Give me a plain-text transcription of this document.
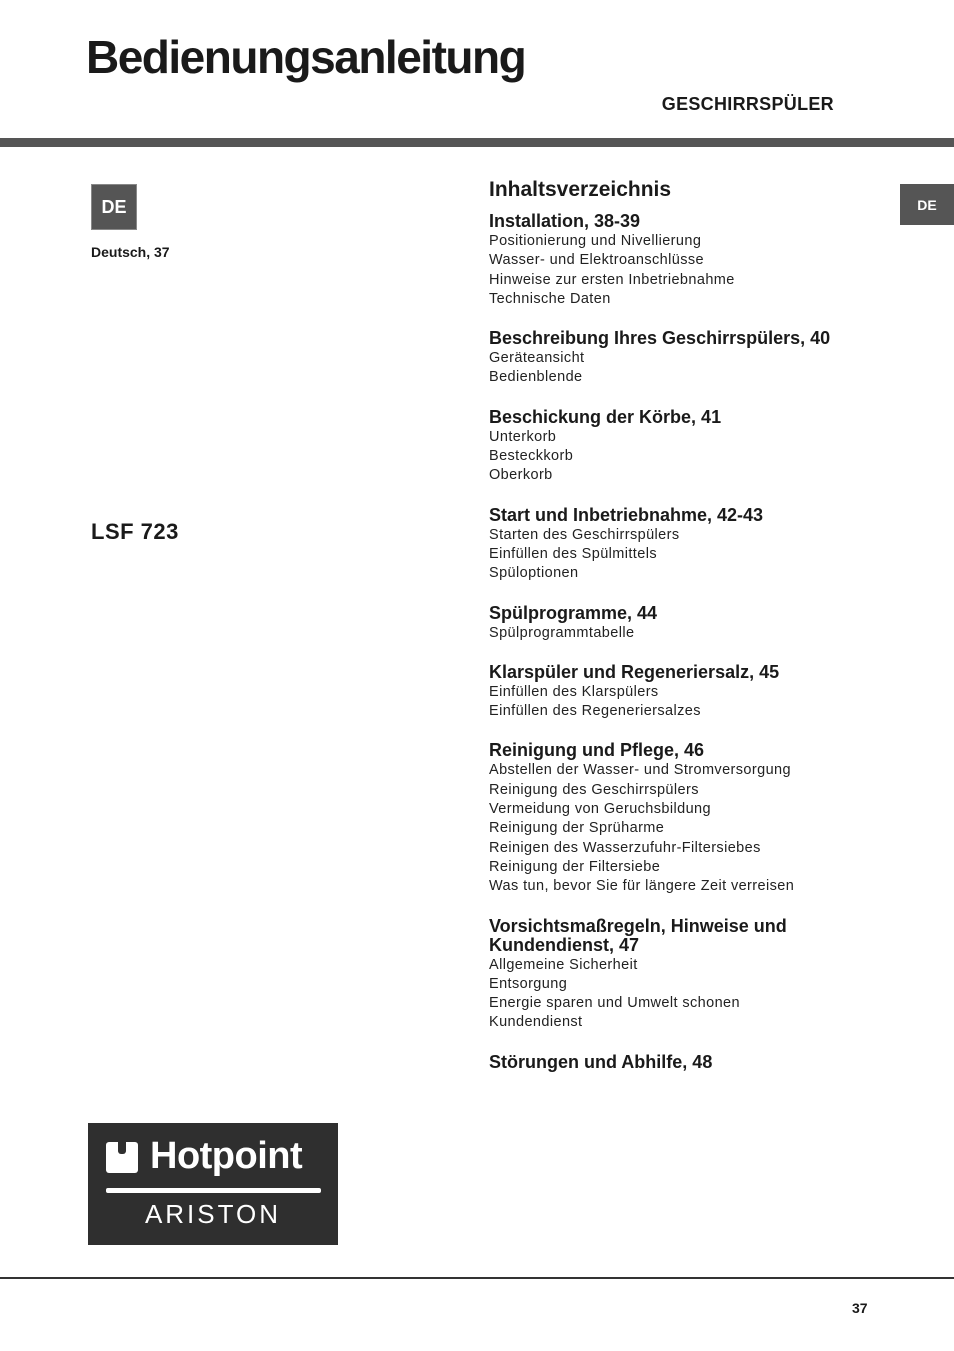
Bedienungsanleitung
GESCHIRRSPÜLER
DE
Deutsch, 37
LSF 723
DE
Inhaltsverzeichnis
Installation, 38-39
Positionierung und Nivellierung
Wasser- und Elektroanschlüsse
Hinweise zur ersten Inbetriebnahme
Technische Daten
Beschreibung Ihres Geschirrspülers, 40
Geräteansicht
Bedienblende
Beschickung der Körbe, 41
Unterkorb
Besteckkorb
Oberkorb
Start und Inbetriebnahme, 42-43
Starten des Geschirrspülers
Einfüllen des Spülmittels
Spüloptionen
Spülprogramme, 44
Spülprogrammtabelle
Klarspüler und Regeneriersalz, 45
Einfüllen des Klarspülers
Einfüllen des Regeneriersalzes
Reinigung und Pflege, 46
Abstellen der Wasser- und Stromversorgung
Reinigung des Geschirrspülers
Vermeidung von Geruchsbildung
Reinigung der Sprüharme
Reinigen des Wasserzufuhr-Filtersiebes
Reinigung der Filtersiebe
Was tun, bevor Sie für längere Zeit verreisen
Vorsichtsmaßregeln, Hinweise und Kundendienst, 47
Allgemeine Sicherheit
Entsorgung
Energie sparen und Umwelt schonen
Kundendienst
Störungen und Abhilfe, 48
Hotpoint
ARISTON
37
